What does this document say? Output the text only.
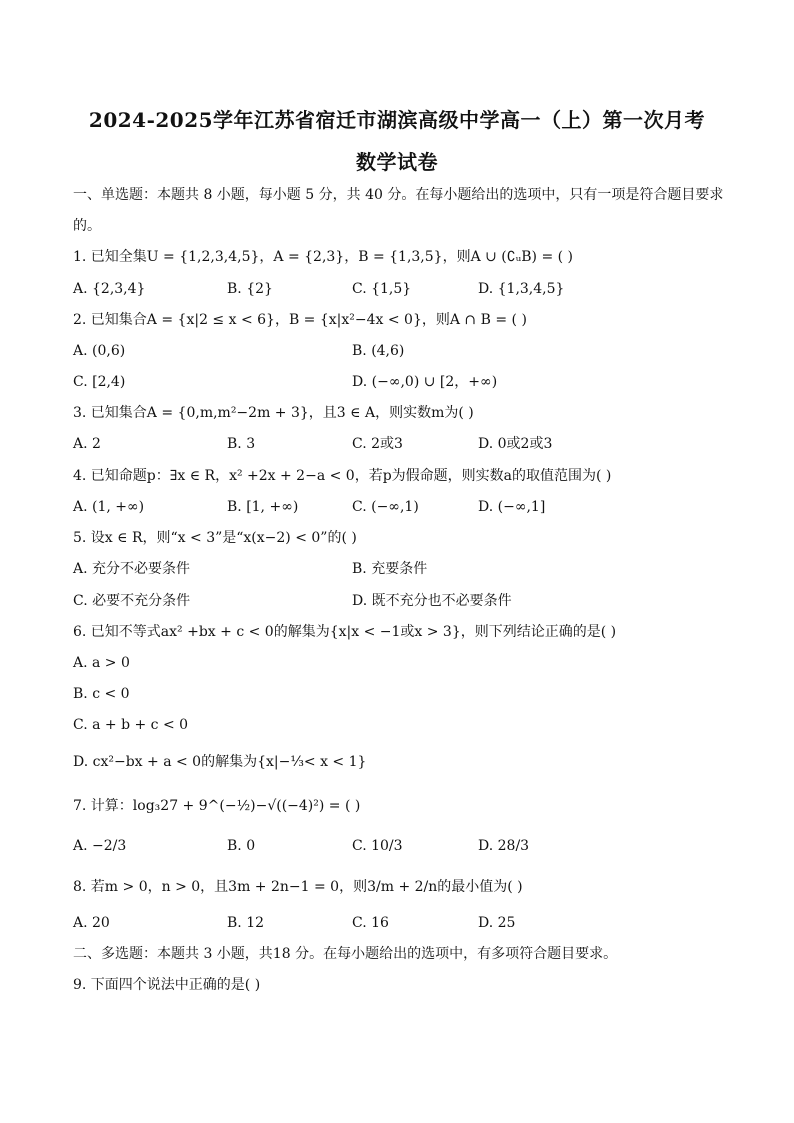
2024-2025学年江苏省宿迁市湖滨高级中学高一（上）第一次月考
数学试卷
一、单选题：本题共 8 小题，每小题 5 分，共 40 分。在每小题给出的选项中，只有一项是符合题目要求
的。
1. 已知全集U = {1,2,3,4,5}，A = {2,3}，B = {1,3,5}，则A ∪ (∁ᵤB) = ( )
A. {2,3,4}	B. {2}	C. {1,5}	D. {1,3,4,5}
2. 已知集合A = {x|2 ≤ x < 6}，B = {x|x²−4x < 0}，则A ∩ B = ( )
A. (0,6)	B. (4,6)
C. [2,4)	D. (−∞,0) ∪ [2，+∞)
3. 已知集合A = {0,m,m²−2m + 3}，且3 ∈ A，则实数m为( )
A. 2	B. 3	C. 2或3	D. 0或2或3
4. 已知命题p：∃x ∈ R，x² +2x + 2−a < 0，若p为假命题，则实数a的取值范围为( )
A. (1, +∞)	B. [1, +∞)	C. (−∞,1)	D. (−∞,1]
5. 设x ∈ R，则“x < 3”是“x(x−2) < 0”的( )
A. 充分不必要条件	B. 充要条件
C. 必要不充分条件	D. 既不充分也不必要条件
6. 已知不等式ax² +bx + c < 0的解集为{x|x < −1或x > 3}，则下列结论正确的是( )
A. a > 0
B. c < 0
C. a + b + c < 0
D. cx²−bx + a < 0的解集为{x|−⅓< x < 1}
7. 计算：log₃27 + 9^(−½)−√((−4)²) = ( )
A. −2/3	B. 0	C. 10/3	D. 28/3
8. 若m > 0，n > 0，且3m + 2n−1 = 0，则3/m + 2/n的最小值为( )
A. 20	B. 12	C. 16	D. 25
二、多选题：本题共 3 小题，共18 分。在每小题给出的选项中，有多项符合题目要求。
9. 下面四个说法中正确的是( )
